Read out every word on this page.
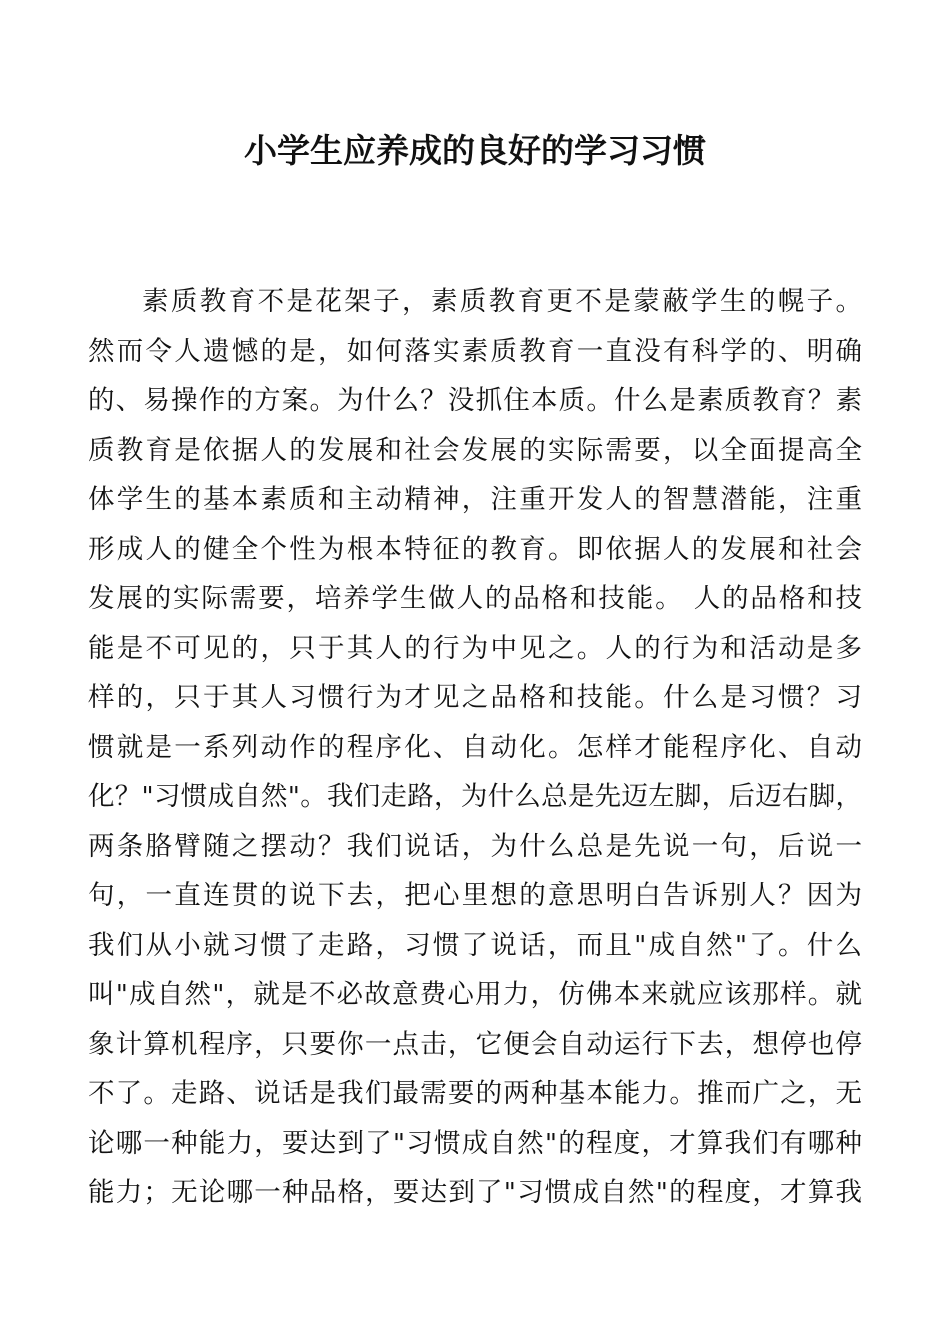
小学生应养成的良好的学习习惯
素质教育不是花架子，素质教育更不是蒙蔽学生的幌子。
然而令人遗憾的是，如何落实素质教育一直没有科学的、明确
的、易操作的方案。为什么？没抓住本质。什么是素质教育？素
质教育是依据人的发展和社会发展的实际需要，以全面提高全
体学生的基本素质和主动精神，注重开发人的智慧潜能，注重
形成人的健全个性为根本特征的教育。即依据人的发展和社会
发展的实际需要，培养学生做人的品格和技能。 人的品格和技
能是不可见的，只于其人的行为中见之。人的行为和活动是多
样的，只于其人习惯行为才见之品格和技能。什么是习惯？习
惯就是一系列动作的程序化、自动化。怎样才能程序化、自动
化？"习惯成自然"。我们走路，为什么总是先迈左脚，后迈右脚，
两条胳臂随之摆动？我们说话，为什么总是先说一句，后说一
句，一直连贯的说下去，把心里想的意思明白告诉别人？因为
我们从小就习惯了走路，习惯了说话，而且"成自然"了。什么
叫"成自然"，就是不必故意费心用力，仿佛本来就应该那样。就
象计算机程序，只要你一点击，它便会自动运行下去，想停也停
不了。走路、说话是我们最需要的两种基本能力。推而广之，无
论哪一种能力，要达到了"习惯成自然"的程度，才算我们有哪种
能力；无论哪一种品格，要达到了"习惯成自然"的程度，才算我
